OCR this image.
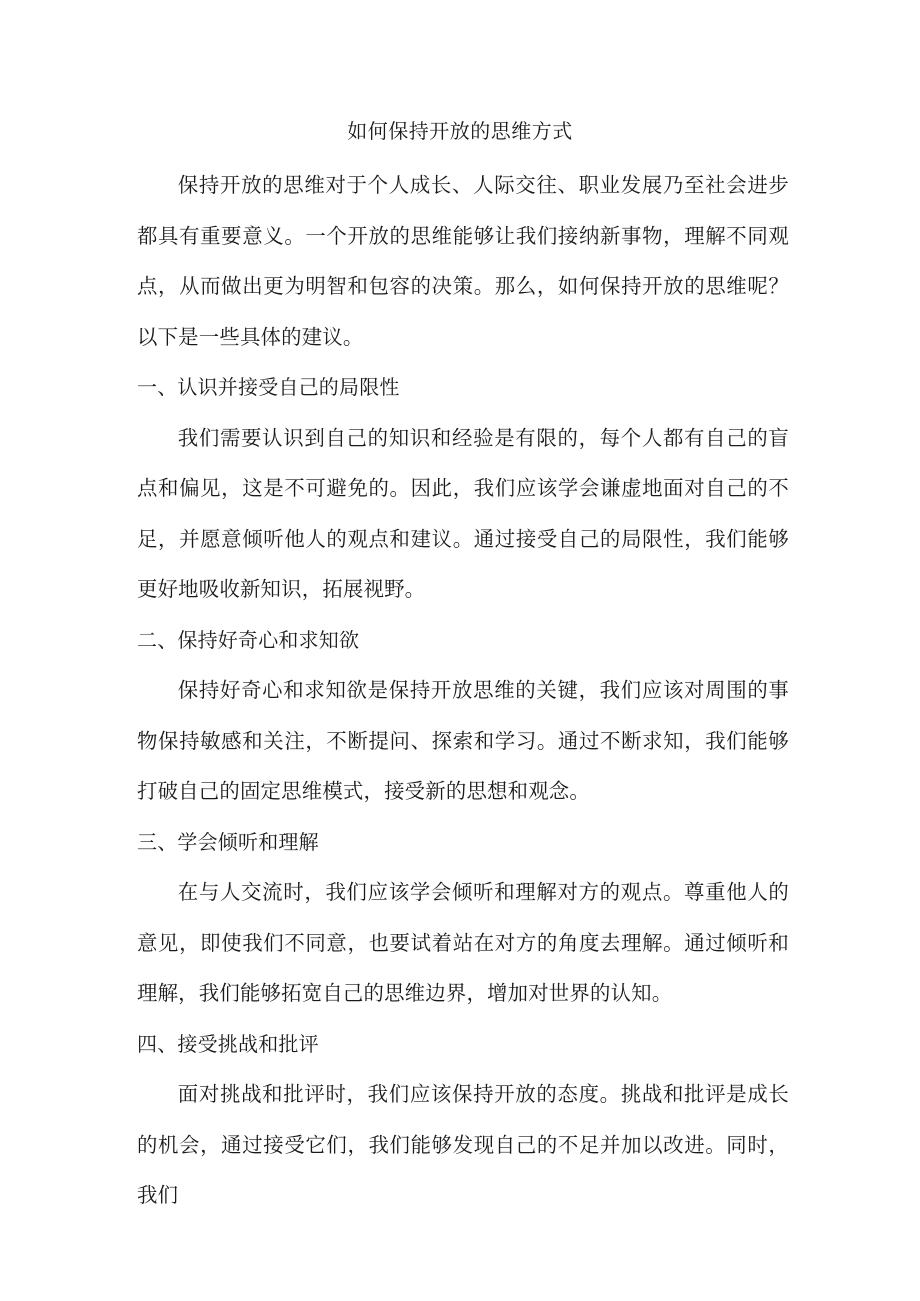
如何保持开放的思维方式

保持开放的思维对于个人成长、人际交往、职业发展乃至社会进步都具有重要意义。一个开放的思维能够让我们接纳新事物，理解不同观点，从而做出更为明智和包容的决策。那么，如何保持开放的思维呢？以下是一些具体的建议。

一、认识并接受自己的局限性

我们需要认识到自己的知识和经验是有限的，每个人都有自己的盲点和偏见，这是不可避免的。因此，我们应该学会谦虚地面对自己的不足，并愿意倾听他人的观点和建议。通过接受自己的局限性，我们能够更好地吸收新知识，拓展视野。

二、保持好奇心和求知欲

保持好奇心和求知欲是保持开放思维的关键，我们应该对周围的事物保持敏感和关注，不断提问、探索和学习。通过不断求知，我们能够打破自己的固定思维模式，接受新的思想和观念。

三、学会倾听和理解

在与人交流时，我们应该学会倾听和理解对方的观点。尊重他人的意见，即使我们不同意，也要试着站在对方的角度去理解。通过倾听和理解，我们能够拓宽自己的思维边界，增加对世界的认知。

四、接受挑战和批评

面对挑战和批评时，我们应该保持开放的态度。挑战和批评是成长的机会，通过接受它们，我们能够发现自己的不足并加以改进。同时，我们
